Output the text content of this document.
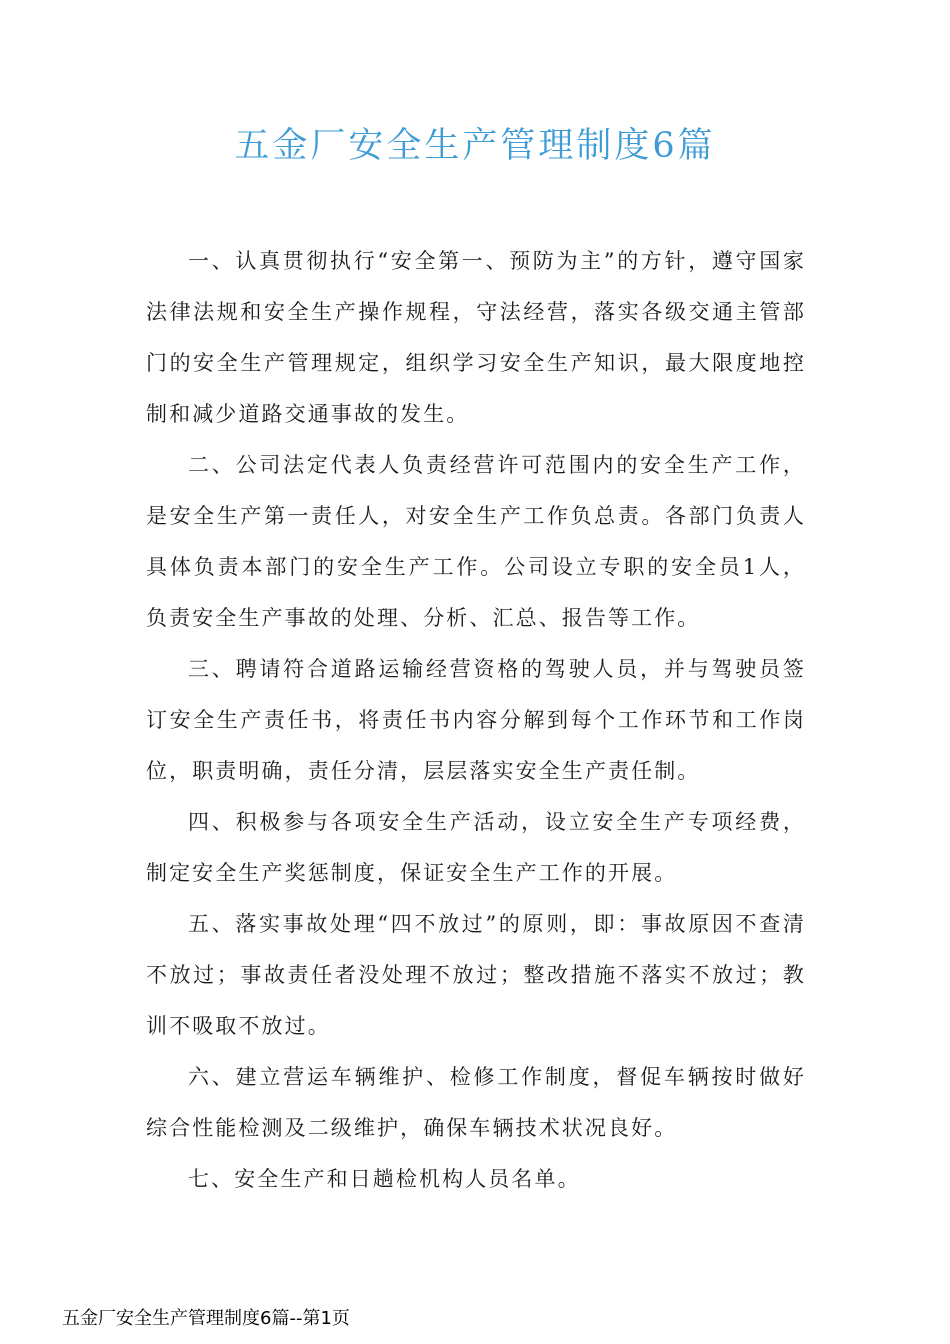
五金厂安全生产管理制度6篇

一、认真贯彻执行“安全第一、预防为主”的方针，遵守国家法律法规和安全生产操作规程，守法经营，落实各级交通主管部门的安全生产管理规定，组织学习安全生产知识，最大限度地控制和减少道路交通事故的发生。

二、公司法定代表人负责经营许可范围内的安全生产工作，是安全生产第一责任人，对安全生产工作负总责。各部门负责人具体负责本部门的安全生产工作。公司设立专职的安全员1人，负责安全生产事故的处理、分析、汇总、报告等工作。

三、聘请符合道路运输经营资格的驾驶人员，并与驾驶员签订安全生产责任书，将责任书内容分解到每个工作环节和工作岗位，职责明确，责任分清，层层落实安全生产责任制。

四、积极参与各项安全生产活动，设立安全生产专项经费，制定安全生产奖惩制度，保证安全生产工作的开展。

五、落实事故处理“四不放过”的原则，即：事故原因不查清不放过；事故责任者没处理不放过；整改措施不落实不放过；教训不吸取不放过。

六、建立营运车辆维护、检修工作制度，督促车辆按时做好综合性能检测及二级维护，确保车辆技术状况良好。

七、安全生产和日趟检机构人员名单。

五金厂安全生产管理制度6篇--第1页
